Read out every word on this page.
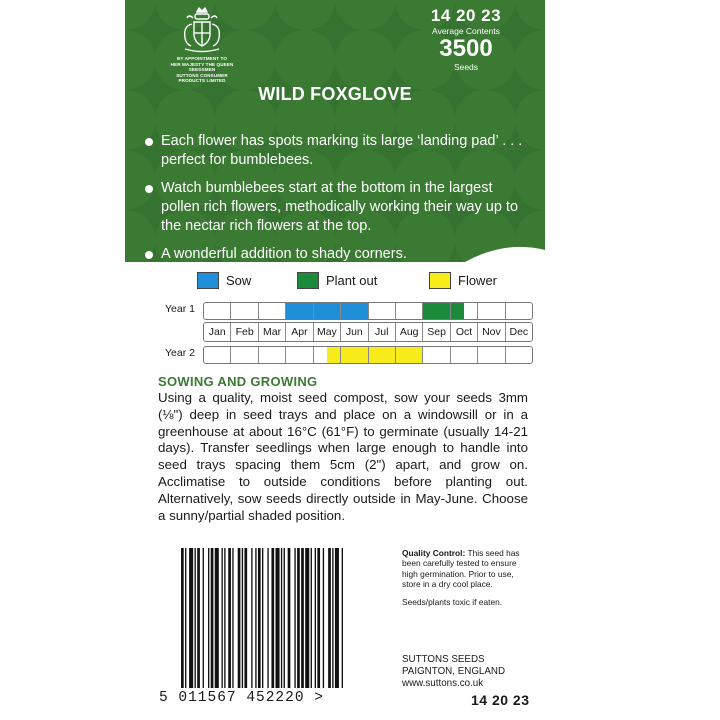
BY APPOINTMENT TO
HER MAJESTY THE QUEEN
SEEDSMEN
SUTTONS CONSUMER
PRODUCTS LIMITED
14 20 23
Average Contents
3500
Seeds
WILD FOXGLOVE
Each flower has spots marking its large ‘landing pad’ . . . perfect for bumblebees.
Watch bumblebees start at the bottom in the largest pollen rich flowers, methodically working their way up to the nectar rich flowers at the top.
A wonderful addition to shady corners.
Sow	Plant out	Flower
Year 1
Jan Feb Mar Apr May Jun	Jul	Aug Sep Oct Nov Dec
Year 2
SOWING AND GROWING
Using a quality, moist seed compost, sow your seeds 3mm (⅛") deep in seed trays and place on a windowsill or in a greenhouse at about 16°C (61°F) to germinate (usually 14-21 days). Transfer seedlings when large enough to handle into seed trays spacing them 5cm (2") apart, and grow on. Acclimatise to outside conditions before planting out. Alternatively, sow seeds directly outside in May-June. Choose a sunny/partial shaded position.
5 011567 452220 >
Quality Control: This seed has been carefully tested to ensure high germination. Prior to use, store in a dry cool place.
Seeds/plants toxic if eaten.
SUTTONS SEEDS
PAIGNTON, ENGLAND
www.suttons.co.uk
14 20 23
